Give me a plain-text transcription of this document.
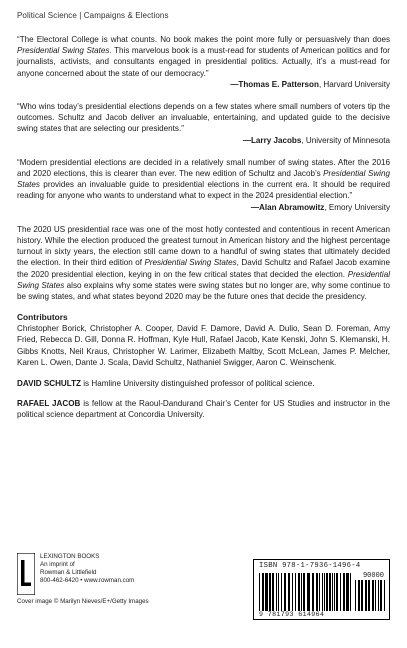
Political Science | Campaigns & Elections

“The Electoral College is what counts. No book makes the point more fully or persuasively than does Presidential Swing States. This marvelous book is a must-read for students of American politics and for journalists, activists, and consultants engaged in presidential politics. Actually, it’s a must-read for anyone concerned about the state of our democracy.”

—Thomas E. Patterson, Harvard University

“Who wins today’s presidential elections depends on a few states where small numbers of voters tip the outcomes. Schultz and Jacob deliver an invaluable, entertaining, and updated guide to the decisive swing states that are selecting our presidents.”

—Larry Jacobs, University of Minnesota

“Modern presidential elections are decided in a relatively small number of swing states. After the 2016 and 2020 elections, this is clearer than ever. The new edition of Schultz and Jacob’s Presidential Swing States provides an invaluable guide to presidential elections in the current era. It should be required reading for anyone who wants to understand what to expect in the 2024 presidential election.”

—Alan Abramowitz, Emory University

The 2020 US presidential race was one of the most hotly contested and contentious in recent American history. While the election produced the greatest turnout in American history and the highest percentage turnout in sixty years, the election still came down to a handful of swing states that ultimately decided the election. In their third edition of Presidential Swing States, David Schultz and Rafael Jacob examine the 2020 presidential election, keying in on the few critical states that decided the election. Presidential Swing States also explains why some states were swing states but no longer are, why some continue to be swing states, and what states beyond 2020 may be the future ones that decide the presidency.

Contributors

Christopher Borick, Christopher A. Cooper, David F. Damore, David A. Dulio, Sean D. Foreman, Amy Fried, Rebecca D. Gill, Donna R. Hoffman, Kyle Hull, Rafael Jacob, Kate Kenski, John S. Klemanski, H. Gibbs Knotts, Neil Kraus, Christopher W. Larimer, Elizabeth Maltby, Scott McLean, James P. Melcher, Karen L. Owen, Dante J. Scala, David Schultz, Nathaniel Swigger, Aaron C. Weinschenk.

DAVID SCHULTZ is Hamline University distinguished professor of political science.

RAFAEL JACOB is fellow at the Raoul-Dandurand Chair’s Center for US Studies and instructor in the political science department at Concordia University.

LEXINGTON BOOKS
An imprint of
Rowman & Littlefield
800-462-6420 • www.rowman.com
Cover image © Marilyn Nieves/E+/Getty Images
ISBN 978-1-7936-1496-4
90000
9 781793 614964
